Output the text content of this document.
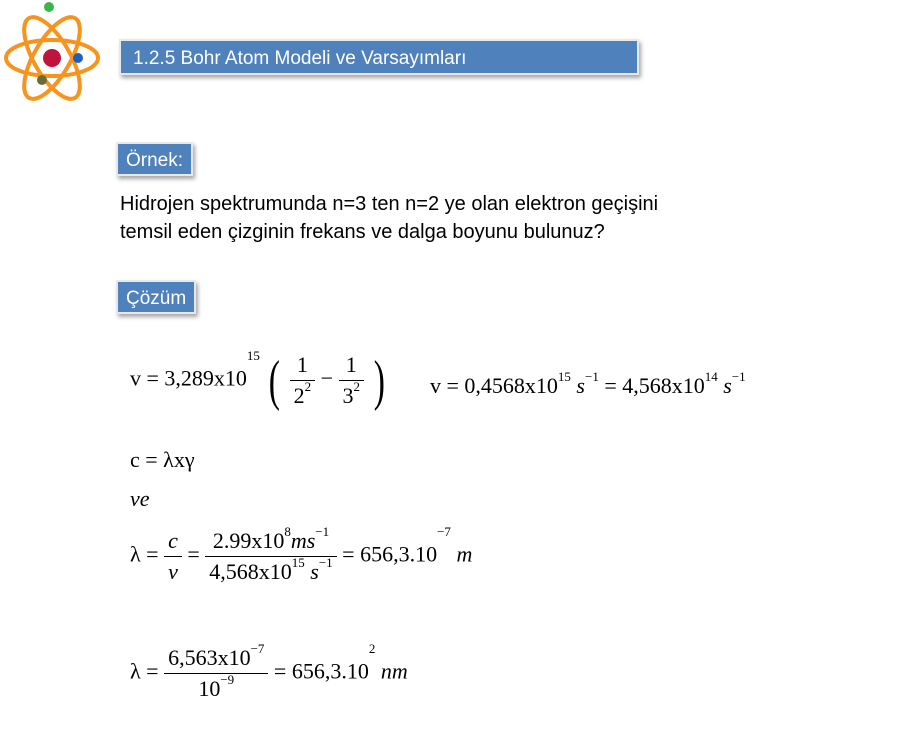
1.2.5 Bohr Atom Modeli ve Varsayımları
Örnek:
Hidrojen spektrumunda n=3 ten n=2 ye olan elektron geçişini
temsil eden çizginin frekans ve dalga boyunu bulunuz?
Çözüm
$v = 3,289x10^{15}$ ( $\frac{1}{2^2} - \frac{1}{3^2}$ ) $v = 0,4568x10^{15}$ $s^{-1} = 4,568x10^{14}$ $s^{-1}$
c = λxγ
ve
$\lambda = \frac{c}{v} = \frac{2.99x10^8ms^{-1}}{4,568x10^{15} s^{-1}} = 656,3.10^{-7}$ m
$\lambda = \frac{6,563x10^{-7}}{10^{-9}} = 656,3.10^2$ nm
